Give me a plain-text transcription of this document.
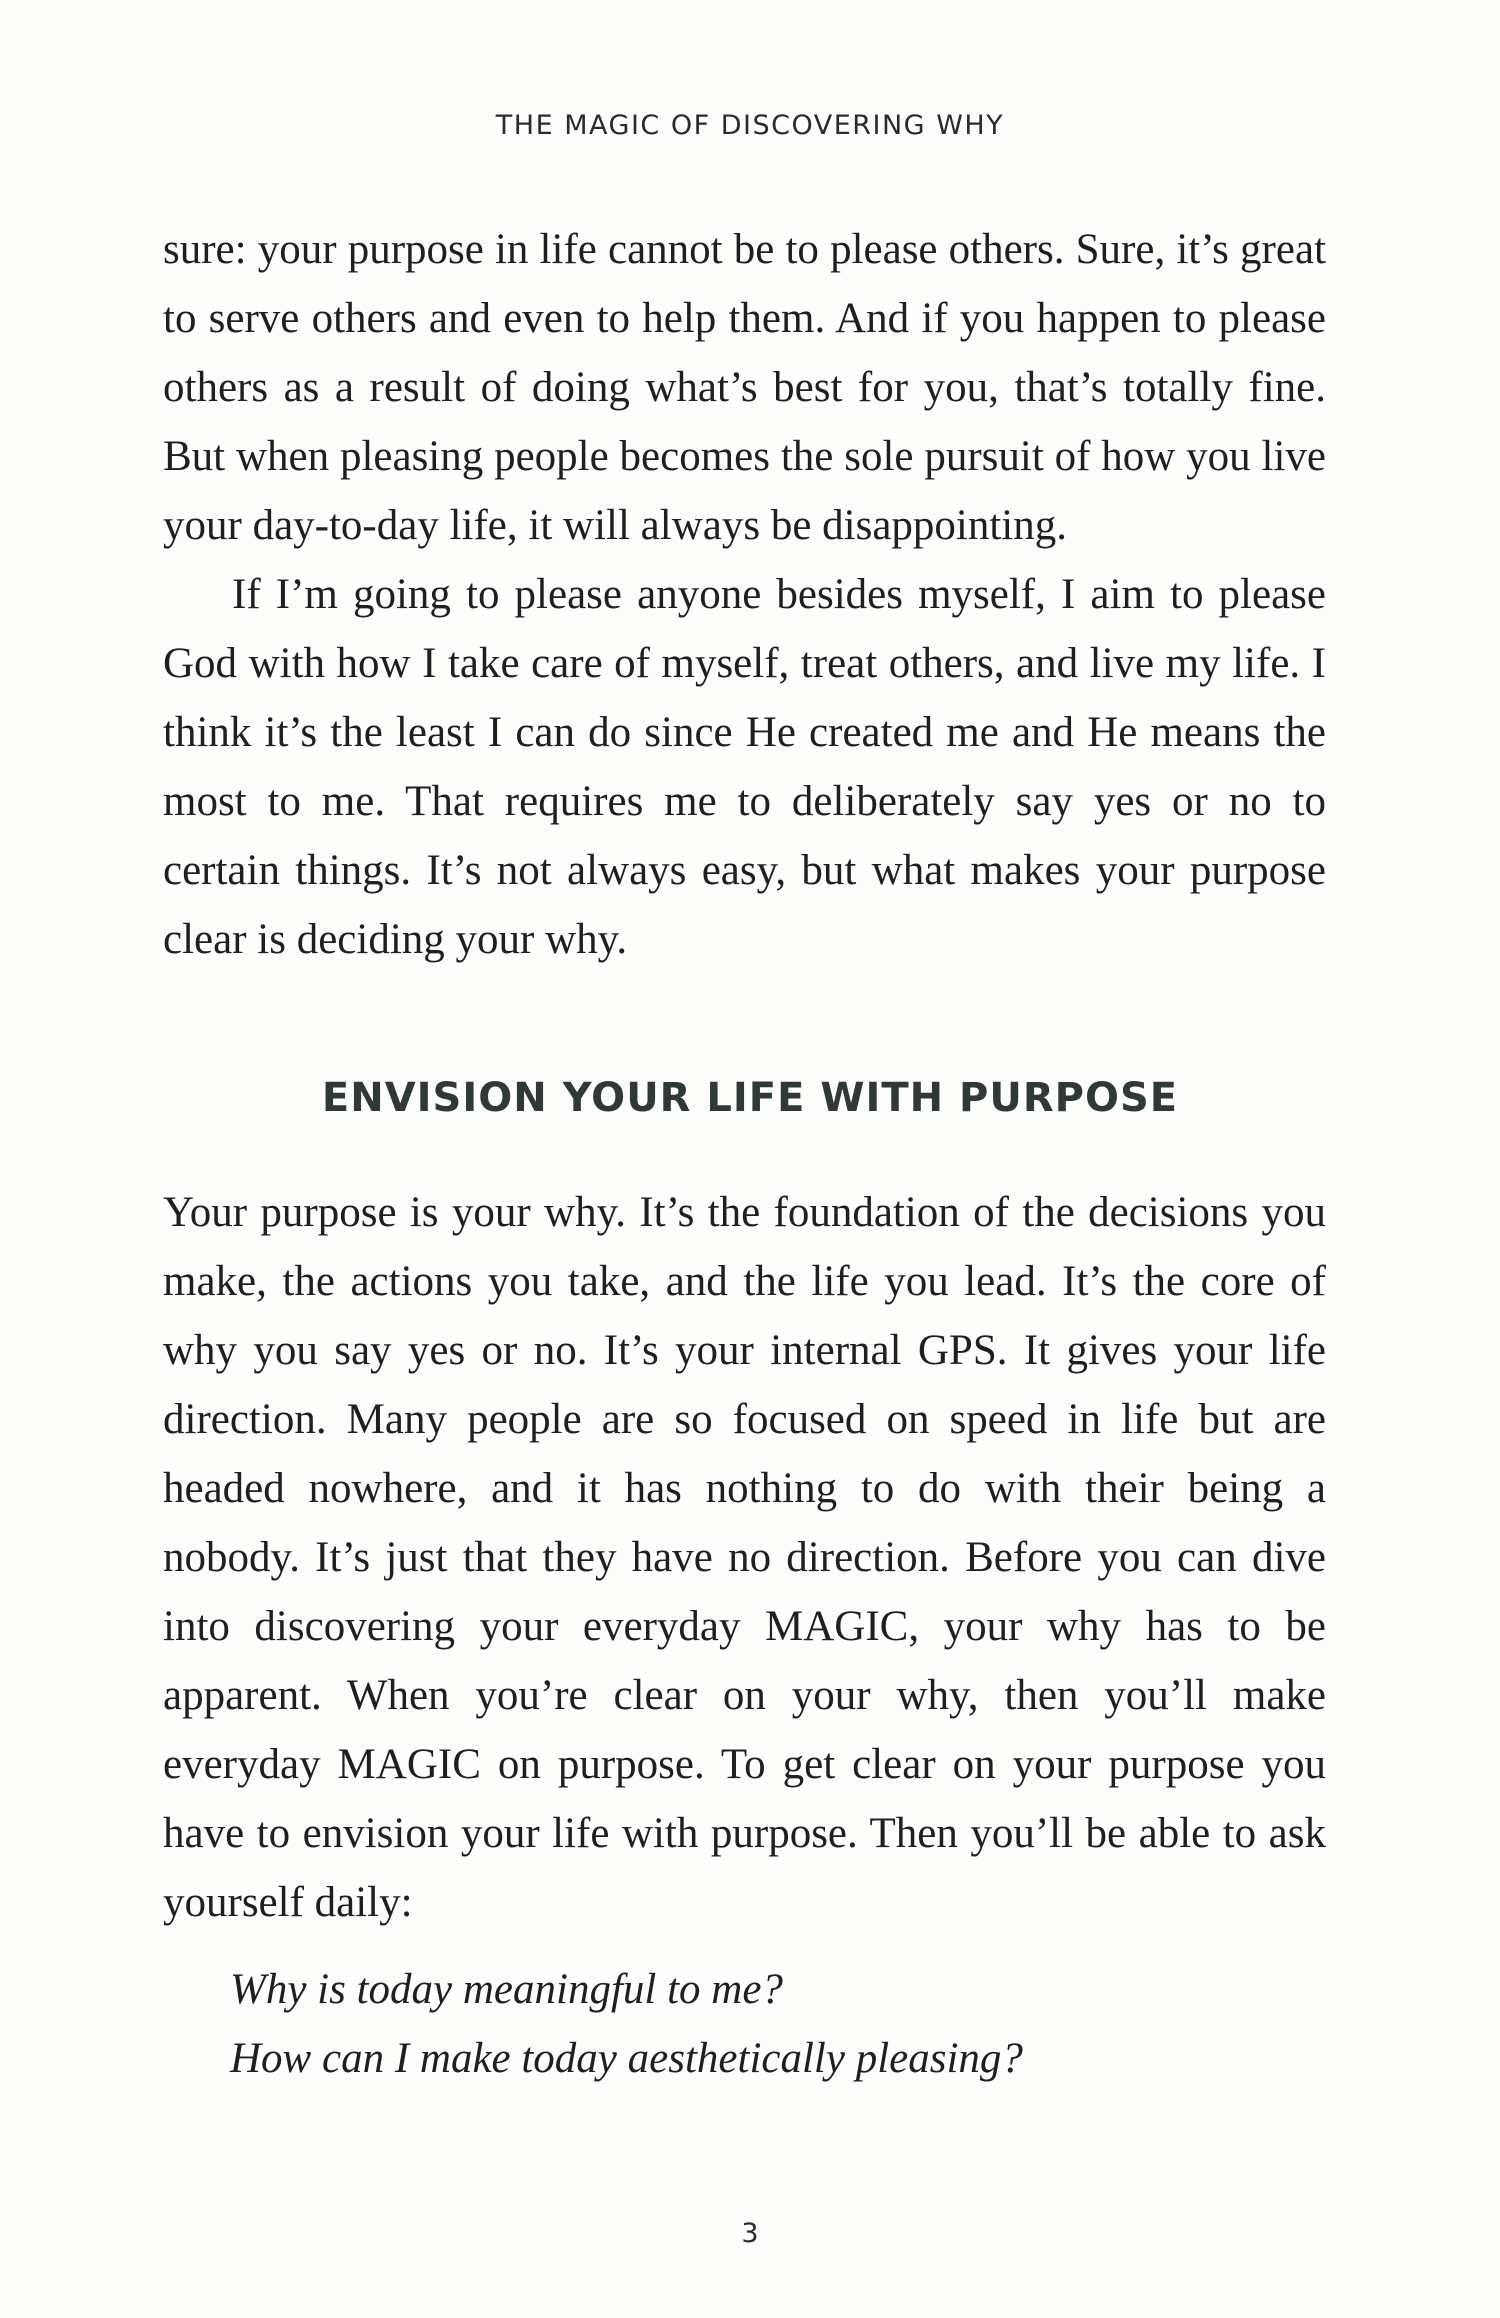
THE MAGIC OF DISCOVERING WHY

sure: your purpose in life cannot be to please others. Sure, it’s great to serve others and even to help them. And if you happen to please others as a result of doing what’s best for you, that’s totally fine. But when pleasing people becomes the sole pursuit of how you live your day-to-day life, it will always be disappointing.

If I’m going to please anyone besides myself, I aim to please God with how I take care of myself, treat others, and live my life. I think it’s the least I can do since He created me and He means the most to me. That requires me to deliberately say yes or no to certain things. It’s not always easy, but what makes your purpose clear is deciding your why.

ENVISION YOUR LIFE WITH PURPOSE

Your purpose is your why. It’s the foundation of the decisions you make, the actions you take, and the life you lead. It’s the core of why you say yes or no. It’s your internal GPS. It gives your life direction. Many people are so focused on speed in life but are headed nowhere, and it has nothing to do with their being a nobody. It’s just that they have no direction. Before you can dive into discovering your everyday MAGIC, your why has to be apparent. When you’re clear on your why, then you’ll make everyday MAGIC on purpose. To get clear on your purpose you have to envision your life with purpose. Then you’ll be able to ask yourself daily:

Why is today meaningful to me?
How can I make today aesthetically pleasing?
3
